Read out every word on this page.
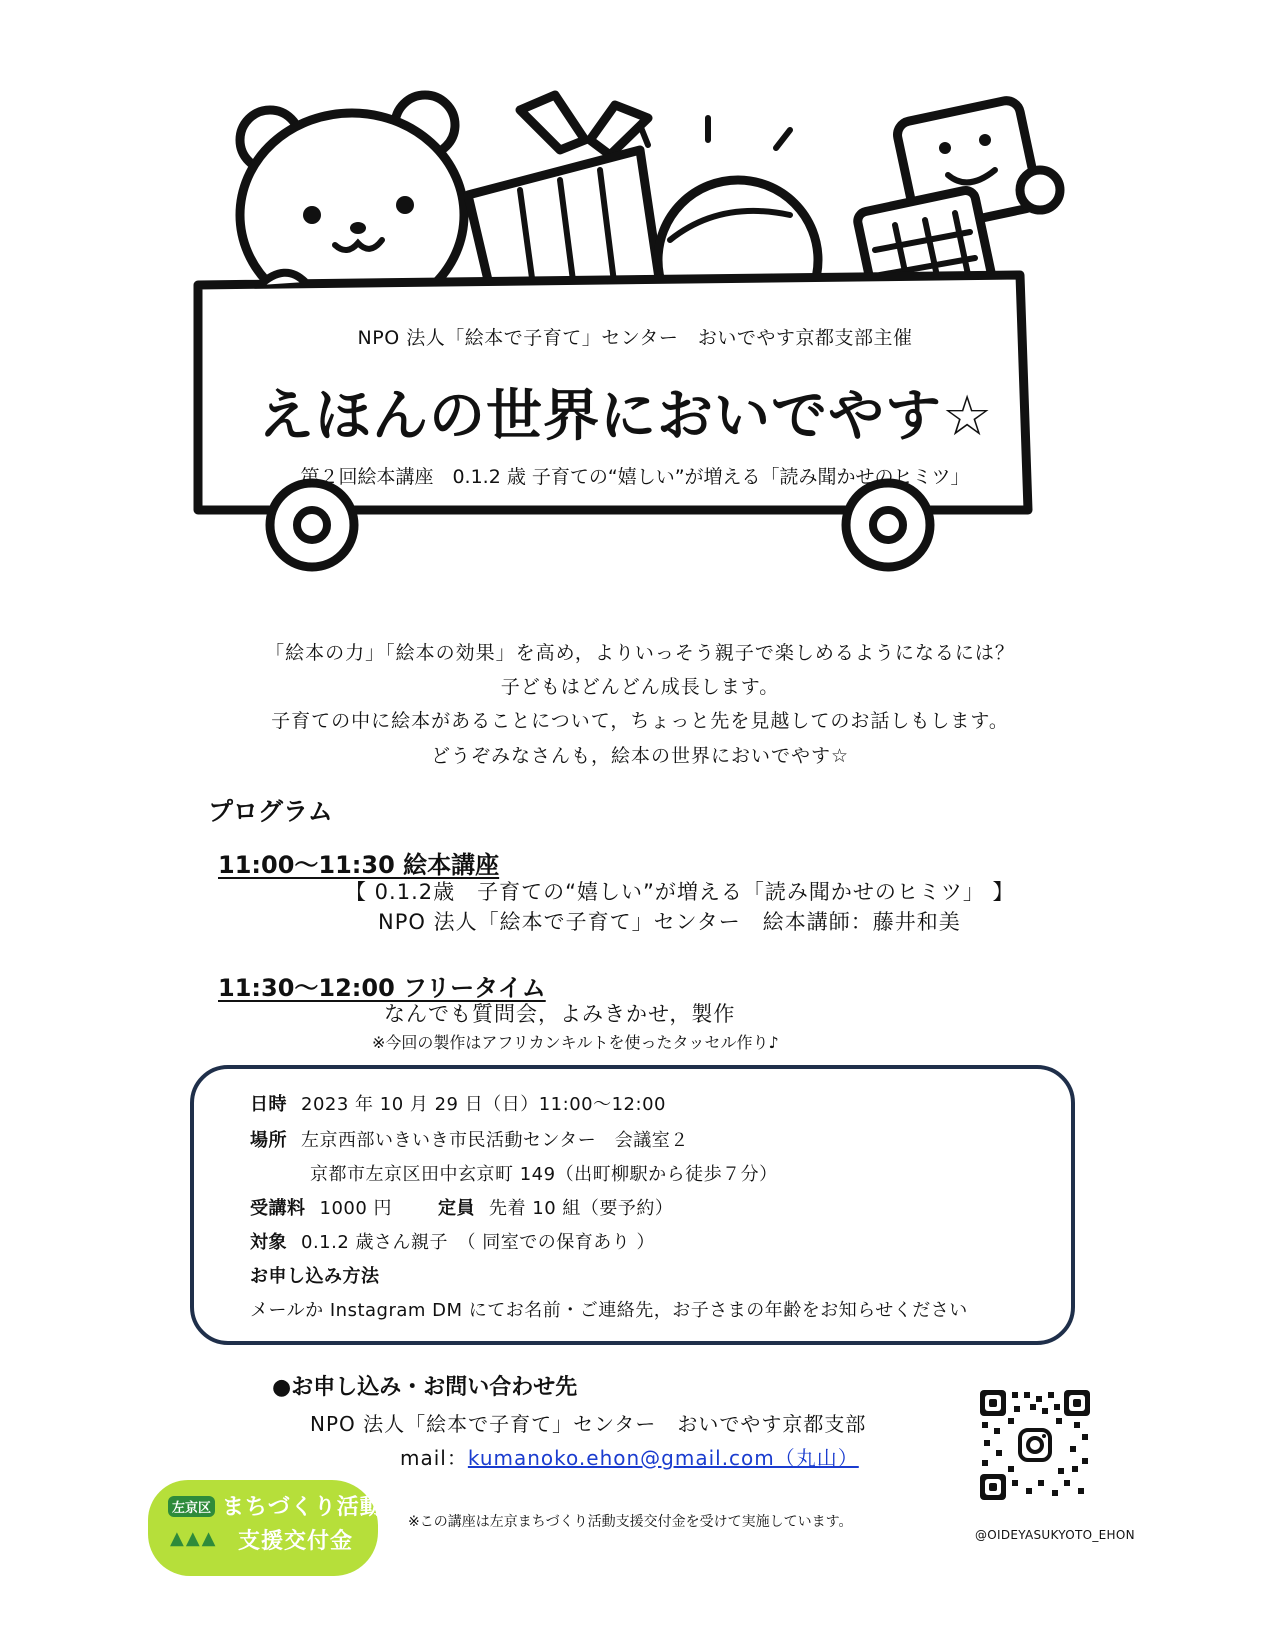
NPO 法人「絵本で子育て」センター　おいでやす京都支部主催
えほんの世界においでやす☆
第２回絵本講座　0.1.2 歳 子育ての“嬉しい”が増える「読み聞かせのヒミツ」
「絵本の力」「絵本の効果」を高め，よりいっそう親子で楽しめるようになるには？
子どもはどんどん成長します。
子育ての中に絵本があることについて，ちょっと先を見越してのお話しもします。
どうぞみなさんも，絵本の世界においでやす☆
プログラム
11:00〜11:30 絵本講座
【 0.1.2歳　子育ての“嬉しい”が増える「読み聞かせのヒミツ」 】
NPO 法人「絵本で子育て」センター　絵本講師：藤井和美
11:30〜12:00 フリータイム
なんでも質問会，よみきかせ，製作
※今回の製作はアフリカンキルトを使ったタッセル作り♪
日時 2023 年 10 月 29 日（日）11:00〜12:00
場所 左京西部いきいき市民活動センター　会議室２
京都市左京区田中玄京町 149（出町柳駅から徒歩７分）
受講料 1000 円	定員 先着 10 組（要予約）
対象 0.1.2 歳さん親子　（ 同室での保育あり ）
お申し込み方法
メールか Instagram DM にてお名前・ご連絡先，お子さまの年齢をお知らせください
●お申し込み・お問い合わせ先
NPO 法人「絵本で子育て」センター　おいでやす京都支部
mail：kumanoko.ehon@gmail.com（丸山）
左京区 まちづくり活動
▲▲▲ 支援交付金
※この講座は左京まちづくり活動支援交付金を受けて実施しています。
@OIDEYASUKYOTO_EHON
